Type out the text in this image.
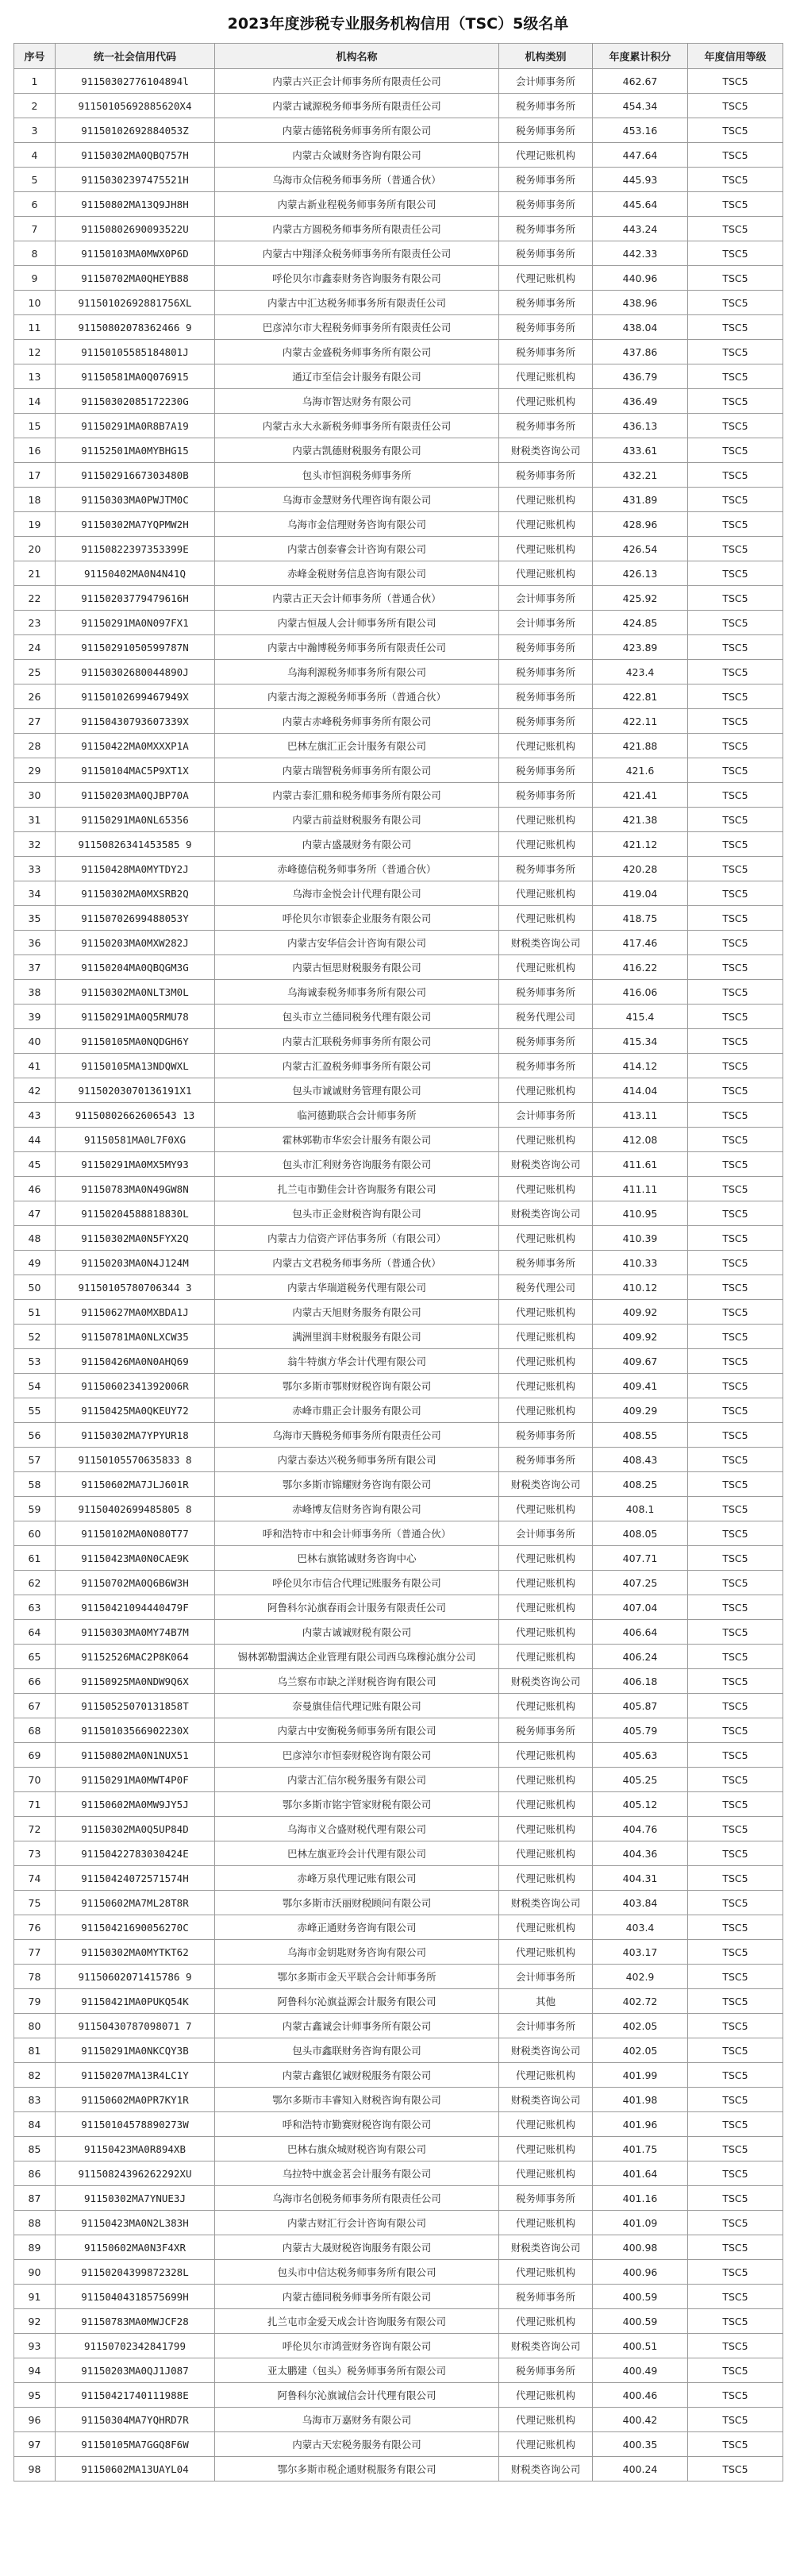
2023年度涉税专业服务机构信用（TSC）5级名单
序号	统一社会信用代码	机构名称	机构类别	年度累计积分	年度信用等级
1	91150302776104894l	内蒙古兴正会计师事务所有限责任公司	会计师事务所	462.67	TSC5
2	91150105692885620X4	内蒙古诚源税务师事务所有限责任公司	税务师事务所	454.34	TSC5
3	91150102692884053Z	内蒙古德铭税务师事务所有限公司	税务师事务所	453.16	TSC5
4	91150302MA0QBQ757H	内蒙古众诚财务咨询有限公司	代理记账机构	447.64	TSC5
5	91150302397475521H	乌海市众信税务师事务所（普通合伙）	税务师事务所	445.93	TSC5
6	91150802MA13Q9JH8H	内蒙古新业程税务师事务所有限公司	税务师事务所	445.64	TSC5
7	91150802690093522U	内蒙古方圆税务师事务所有限责任公司	税务师事务所	443.24	TSC5
8	91150103MA0MWX0P6D	内蒙古中翔泽众税务师事务所有限责任公司	税务师事务所	442.33	TSC5
9	91150702MA0QHEYB88	呼伦贝尔市鑫泰财务咨询服务有限公司	代理记账机构	440.96	TSC5
10	91150102692881756XL	内蒙古中汇达税务师事务所有限责任公司	税务师事务所	438.96	TSC5
11	91150802078362466 9	巴彦淖尔市大程税务师事务所有限责任公司	税务师事务所	438.04	TSC5
12	91150105585184801J	内蒙古金盛税务师事务所有限公司	税务师事务所	437.86	TSC5
13	91150581MA0Q076915	通辽市至信会计服务有限公司	代理记账机构	436.79	TSC5
14	91150302085172230G	乌海市智达财务有限公司	代理记账机构	436.49	TSC5
15	91150291MA0R8B7A19	内蒙古永大永新税务师事务所有限责任公司	税务师事务所	436.13	TSC5
16	91152501MA0MYBHG15	内蒙古凯德财税服务有限公司	财税类咨询公司	433.61	TSC5
17	91150291667303480B	包头市恒润税务师事务所	税务师事务所	432.21	TSC5
18	91150303MA0PWJTM0C	乌海市金慧财务代理咨询有限公司	代理记账机构	431.89	TSC5
19	91150302MA7YQPMW2H	乌海市金信理财务咨询有限公司	代理记账机构	428.96	TSC5
20	91150822397353399E	内蒙古创泰睿会计咨询有限公司	代理记账机构	426.54	TSC5
21	91150402MA0N4N41Q	赤峰金税财务信息咨询有限公司	代理记账机构	426.13	TSC5
22	91150203779479616H	内蒙古正天会计师事务所（普通合伙）	会计师事务所	425.92	TSC5
23	91150291MA0N097FX1	内蒙古恒晟人会计师事务所有限公司	会计师事务所	424.85	TSC5
24	91150291050599787N	内蒙古中瀚博税务师事务所有限责任公司	税务师事务所	423.89	TSC5
25	91150302680044890J	乌海利源税务师事务所有限公司	税务师事务所	423.4	TSC5
26	91150102699467949X	内蒙古海之源税务师事务所（普通合伙）	税务师事务所	422.81	TSC5
27	91150430793607339X	内蒙古赤峰税务师事务所有限公司	税务师事务所	422.11	TSC5
28	91150422MA0MXXXP1A	巴林左旗汇正会计服务有限公司	代理记账机构	421.88	TSC5
29	91150104MAC5P9XT1X	内蒙古瑞智税务师事务所有限公司	税务师事务所	421.6	TSC5
30	91150203MA0QJBP70A	内蒙古泰汇鼎和税务师事务所有限公司	税务师事务所	421.41	TSC5
31	91150291MA0NL65356	内蒙古前益财税服务有限公司	代理记账机构	421.38	TSC5
32	91150826341453585 9	内蒙古盛晟财务有限公司	代理记账机构	421.12	TSC5
33	91150428MA0MYTDY2J	赤峰德信税务师事务所（普通合伙）	税务师事务所	420.28	TSC5
34	91150302MA0MXSRB2Q	乌海市金悦会计代理有限公司	代理记账机构	419.04	TSC5
35	91150702699488053Y	呼伦贝尔市银泰企业服务有限公司	代理记账机构	418.75	TSC5
36	91150203MA0MXW282J	内蒙古安华信会计咨询有限公司	财税类咨询公司	417.46	TSC5
37	91150204MA0QBQGM3G	内蒙古恒思财税服务有限公司	代理记账机构	416.22	TSC5
38	91150302MA0NLT3M0L	乌海诚泰税务师事务所有限公司	税务师事务所	416.06	TSC5
39	91150291MA0Q5RMU78	包头市立兰德同税务代理有限公司	税务代理公司	415.4	TSC5
40	91150105MA0NQDGH6Y	内蒙古汇联税务师事务所有限公司	税务师事务所	415.34	TSC5
41	91150105MA13NDQWXL	内蒙古汇盈税务师事务所有限公司	税务师事务所	414.12	TSC5
42	91150203070136191X1	包头市诚诚财务管理有限公司	代理记账机构	414.04	TSC5
43	91150802662606543 13	临河德勤联合会计师事务所	会计师事务所	413.11	TSC5
44	91150581MA0L7F0XG	霍林郭勒市华宏会计服务有限公司	代理记账机构	412.08	TSC5
45	91150291MA0MX5MY93	包头市汇利财务咨询服务有限公司	财税类咨询公司	411.61	TSC5
46	91150783MA0N49GW8N	扎兰屯市勤佳会计咨询服务有限公司	代理记账机构	411.11	TSC5
47	91150204588818830L	包头市正金财税咨询有限公司	财税类咨询公司	410.95	TSC5
48	91150302MA0N5FYX2Q	内蒙古力信资产评估事务所（有限公司）	代理记账机构	410.39	TSC5
49	91150203MA0N4J124M	内蒙古文君税务师事务所（普通合伙）	税务师事务所	410.33	TSC5
50	91150105780706344 3	内蒙古华瑞道税务代理有限公司	税务代理公司	410.12	TSC5
51	91150627MA0MXBDA1J	内蒙古天旭财务服务有限公司	代理记账机构	409.92	TSC5
52	91150781MA0NLXCW35	满洲里润丰财税服务有限公司	代理记账机构	409.92	TSC5
53	91150426MA0N0AHQ69	翁牛特旗方华会计代理有限公司	代理记账机构	409.67	TSC5
54	91150602341392006R	鄂尔多斯市鄂财财税咨询有限公司	代理记账机构	409.41	TSC5
55	91150425MA0QKEUY72	赤峰市鼎正会计服务有限公司	代理记账机构	409.29	TSC5
56	91150302MA7YPYUR18	乌海市天腾税务师事务所有限责任公司	税务师事务所	408.55	TSC5
57	91150105570635833 8	内蒙古泰达兴税务师事务所有限公司	税务师事务所	408.43	TSC5
58	91150602MA7JLJ601R	鄂尔多斯市锦耀财务咨询有限公司	财税类咨询公司	408.25	TSC5
59	91150402699485805 8	赤峰博友信财务咨询有限公司	代理记账机构	408.1	TSC5
60	91150102MA0N080T77	呼和浩特市中和会计师事务所（普通合伙）	会计师事务所	408.05	TSC5
61	91150423MA0N0CAE9K	巴林右旗铭诚财务咨询中心	代理记账机构	407.71	TSC5
62	91150702MA0Q6B6W3H	呼伦贝尔市信合代理记账服务有限公司	代理记账机构	407.25	TSC5
63	91150421094440479F	阿鲁科尔沁旗春雨会计服务有限责任公司	代理记账机构	407.04	TSC5
64	91150303MA0MY74B7M	内蒙古诚诚财税有限公司	代理记账机构	406.64	TSC5
65	91152526MAC2P8K064	锡林郭勒盟满达企业管理有限公司西乌珠穆沁旗分公司	代理记账机构	406.24	TSC5
66	91150925MA0NDW9Q6X	乌兰察布市缺之洋财税咨询有限公司	财税类咨询公司	406.18	TSC5
67	91150525070131858T	奈曼旗佳信代理记账有限公司	代理记账机构	405.87	TSC5
68	91150103566902230X	内蒙古中安衡税务师事务所有限公司	税务师事务所	405.79	TSC5
69	91150802MA0N1NUX51	巴彦淖尔市恒泰财税咨询有限公司	代理记账机构	405.63	TSC5
70	91150291MA0MWT4P0F	内蒙古汇信尔税务服务有限公司	代理记账机构	405.25	TSC5
71	91150602MA0MW9JY5J	鄂尔多斯市铭宇管家财税有限公司	代理记账机构	405.12	TSC5
72	91150302MA0Q5UP84D	乌海市义合盛财税代理有限公司	代理记账机构	404.76	TSC5
73	91150422783030424E	巴林左旗亚玲会计代理有限公司	代理记账机构	404.36	TSC5
74	91150424072571574H	赤峰万泉代理记账有限公司	代理记账机构	404.31	TSC5
75	91150602MA7ML28T8R	鄂尔多斯市沃丽财税顾问有限公司	财税类咨询公司	403.84	TSC5
76	91150421690056270C	赤峰正通财务咨询有限公司	代理记账机构	403.4	TSC5
77	91150302MA0MYTKT62	乌海市金钥匙财务咨询有限公司	代理记账机构	403.17	TSC5
78	91150602071415786 9	鄂尔多斯市金天平联合会计师事务所	会计师事务所	402.9	TSC5
79	91150421MA0PUKQ54K	阿鲁科尔沁旗益源会计服务有限公司	其他	402.72	TSC5
80	91150430787098071 7	内蒙古鑫诚会计师事务所有限公司	会计师事务所	402.05	TSC5
81	91150291MA0NKCQY3B	包头市鑫联财务咨询有限公司	财税类咨询公司	402.05	TSC5
82	91150207MA13R4LC1Y	内蒙古鑫银亿诚财税服务有限公司	代理记账机构	401.99	TSC5
83	91150602MA0PR7KY1R	鄂尔多斯市丰睿知入财税咨询有限公司	财税类咨询公司	401.98	TSC5
84	91150104578890273W	呼和浩特市勤赛财税咨询有限公司	代理记账机构	401.96	TSC5
85	91150423MA0R894XB	巴林右旗众城财税咨询有限公司	代理记账机构	401.75	TSC5
86	91150824396262292XU	乌拉特中旗金茗会计服务有限公司	代理记账机构	401.64	TSC5
87	91150302MA7YNUE3J	乌海市名创税务师事务所有限责任公司	税务师事务所	401.16	TSC5
88	91150423MA0N2L383H	内蒙古财汇行会计咨询有限公司	代理记账机构	401.09	TSC5
89	91150602MA0N3F4XR	内蒙古大晟财税咨询服务有限公司	财税类咨询公司	400.98	TSC5
90	91150204399872328L	包头市中信达税务师事务所有限公司	代理记账机构	400.96	TSC5
91	91150404318575699H	内蒙古德同税务师事务所有限公司	税务师事务所	400.59	TSC5
92	91150783MA0MWJCF28	扎兰屯市金爱天成会计咨询服务有限公司	代理记账机构	400.59	TSC5
93	91150702342841799	呼伦贝尔市鸿萱财务咨询有限公司	财税类咨询公司	400.51	TSC5
94	91150203MA0QJ1J087	亚太鹏建（包头）税务师事务所有限公司	税务师事务所	400.49	TSC5
95	91150421740111988E	阿鲁科尔沁旗诚信会计代理有限公司	代理记账机构	400.46	TSC5
96	91150304MA7YQHRD7R	乌海市万嘉财务有限公司	代理记账机构	400.42	TSC5
97	91150105MA7GGQ8F6W	内蒙古天宏税务服务有限公司	代理记账机构	400.35	TSC5
98	91150602MA13UAYL04	鄂尔多斯市税企通财税服务有限公司	财税类咨询公司	400.24	TSC5
